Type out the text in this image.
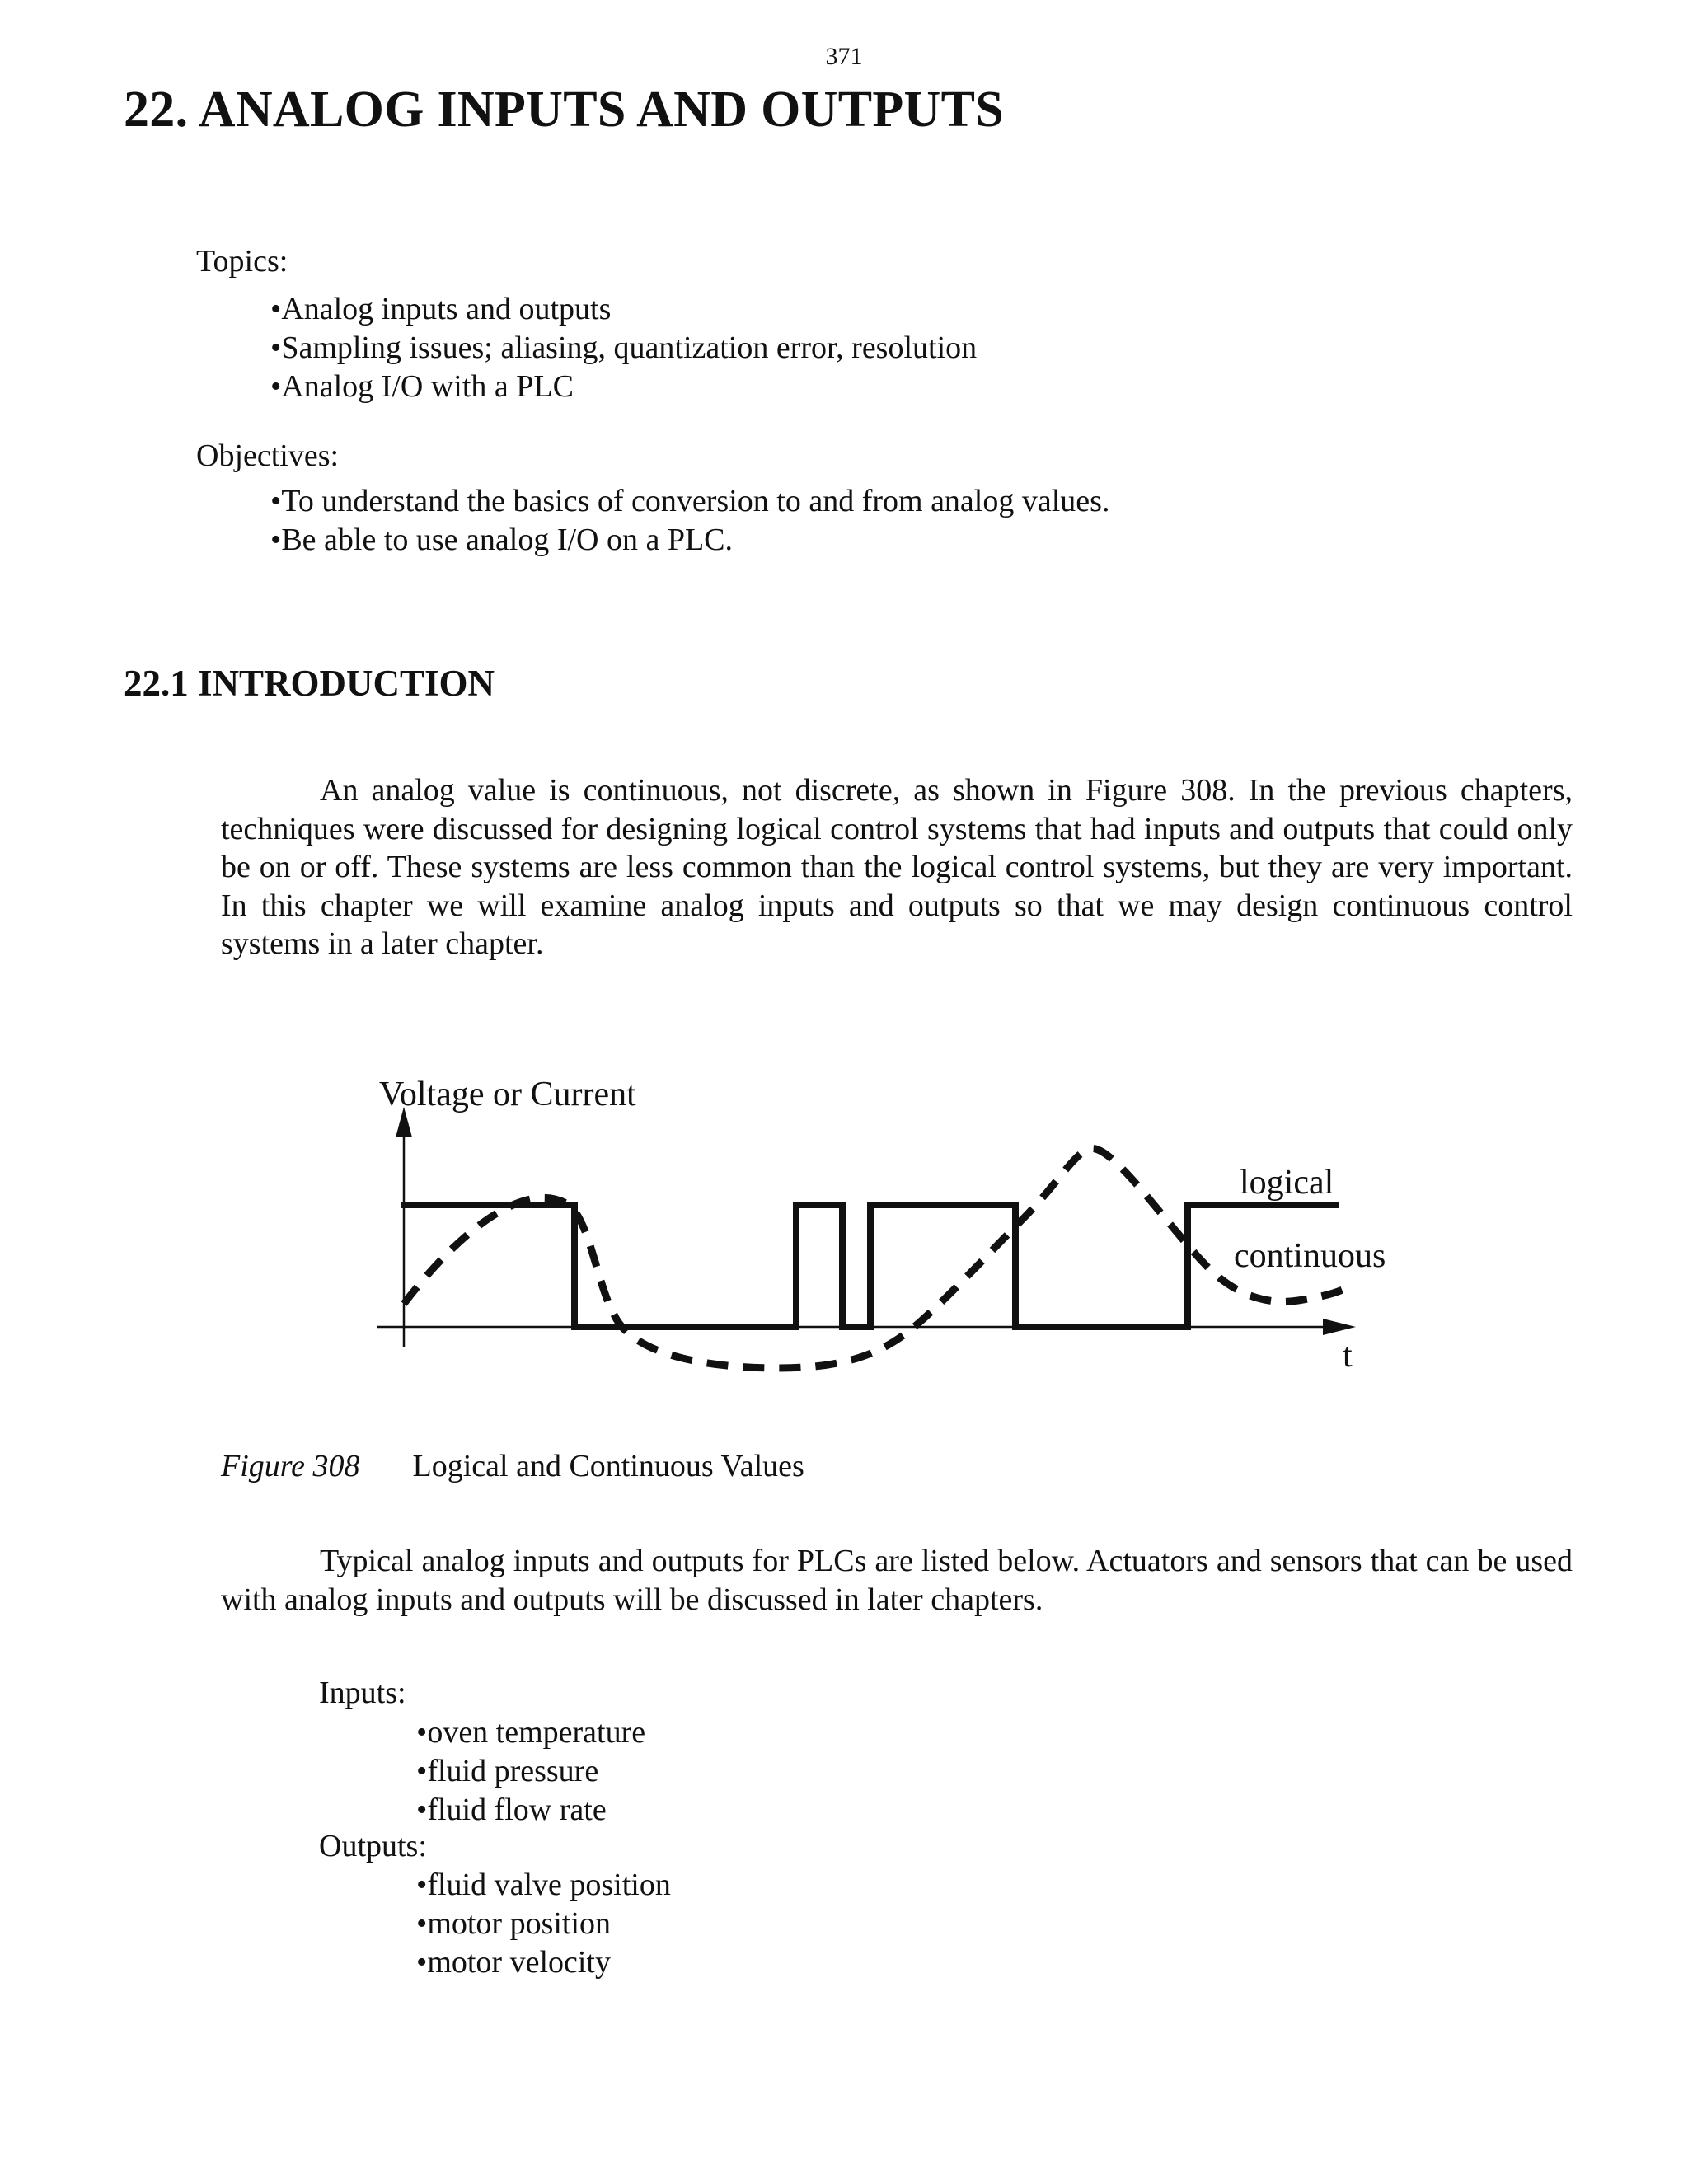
371
22. ANALOG INPUTS AND OUTPUTS
Topics:
• Analog inputs and outputs
• Sampling issues; aliasing, quantization error, resolution
• Analog I/O with a PLC
Objectives:
• To understand the basics of conversion to and from analog values.
• Be able to use analog I/O on a PLC.
22.1 INTRODUCTION
An analog value is continuous, not discrete, as shown in Figure 308. In the previous chapters, techniques were discussed for designing logical control systems that had inputs and outputs that could only be on or off. These systems are less common than the logical control systems, but they are very important. In this chapter we will examine analog inputs and outputs so that we may design continuous control systems in a later chapter.
Voltage or Current
logical
continuous
t
Figure 308 Logical and Continuous Values
Typical analog inputs and outputs for PLCs are listed below. Actuators and sensors that can be used with analog inputs and outputs will be discussed in later chapters.
Inputs:
• oven temperature
• fluid pressure
• fluid flow rate
Outputs:
• fluid valve position
• motor position
• motor velocity
